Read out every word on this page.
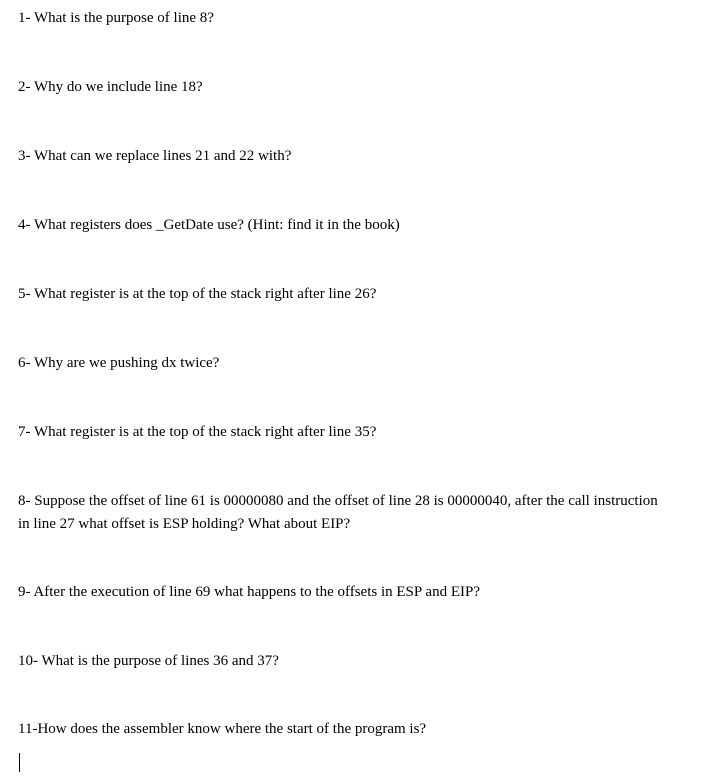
1- What is the purpose of line 8?

2- Why do we include line 18?

3- What can we replace lines 21 and 22 with?

4- What registers does _GetDate use? (Hint: find it in the book)

5- What register is at the top of the stack right after line 26?

6- Why are we pushing dx twice?

7- What register is at the top of the stack right after line 35?

8- Suppose the offset of line 61 is 00000080 and the offset of line 28 is 00000040, after the call instruction in line 27 what offset is ESP holding? What about EIP?

9- After the execution of line 69 what happens to the offsets in ESP and EIP?

10- What is the purpose of lines 36 and 37?

11-How does the assembler know where the start of the program is?
